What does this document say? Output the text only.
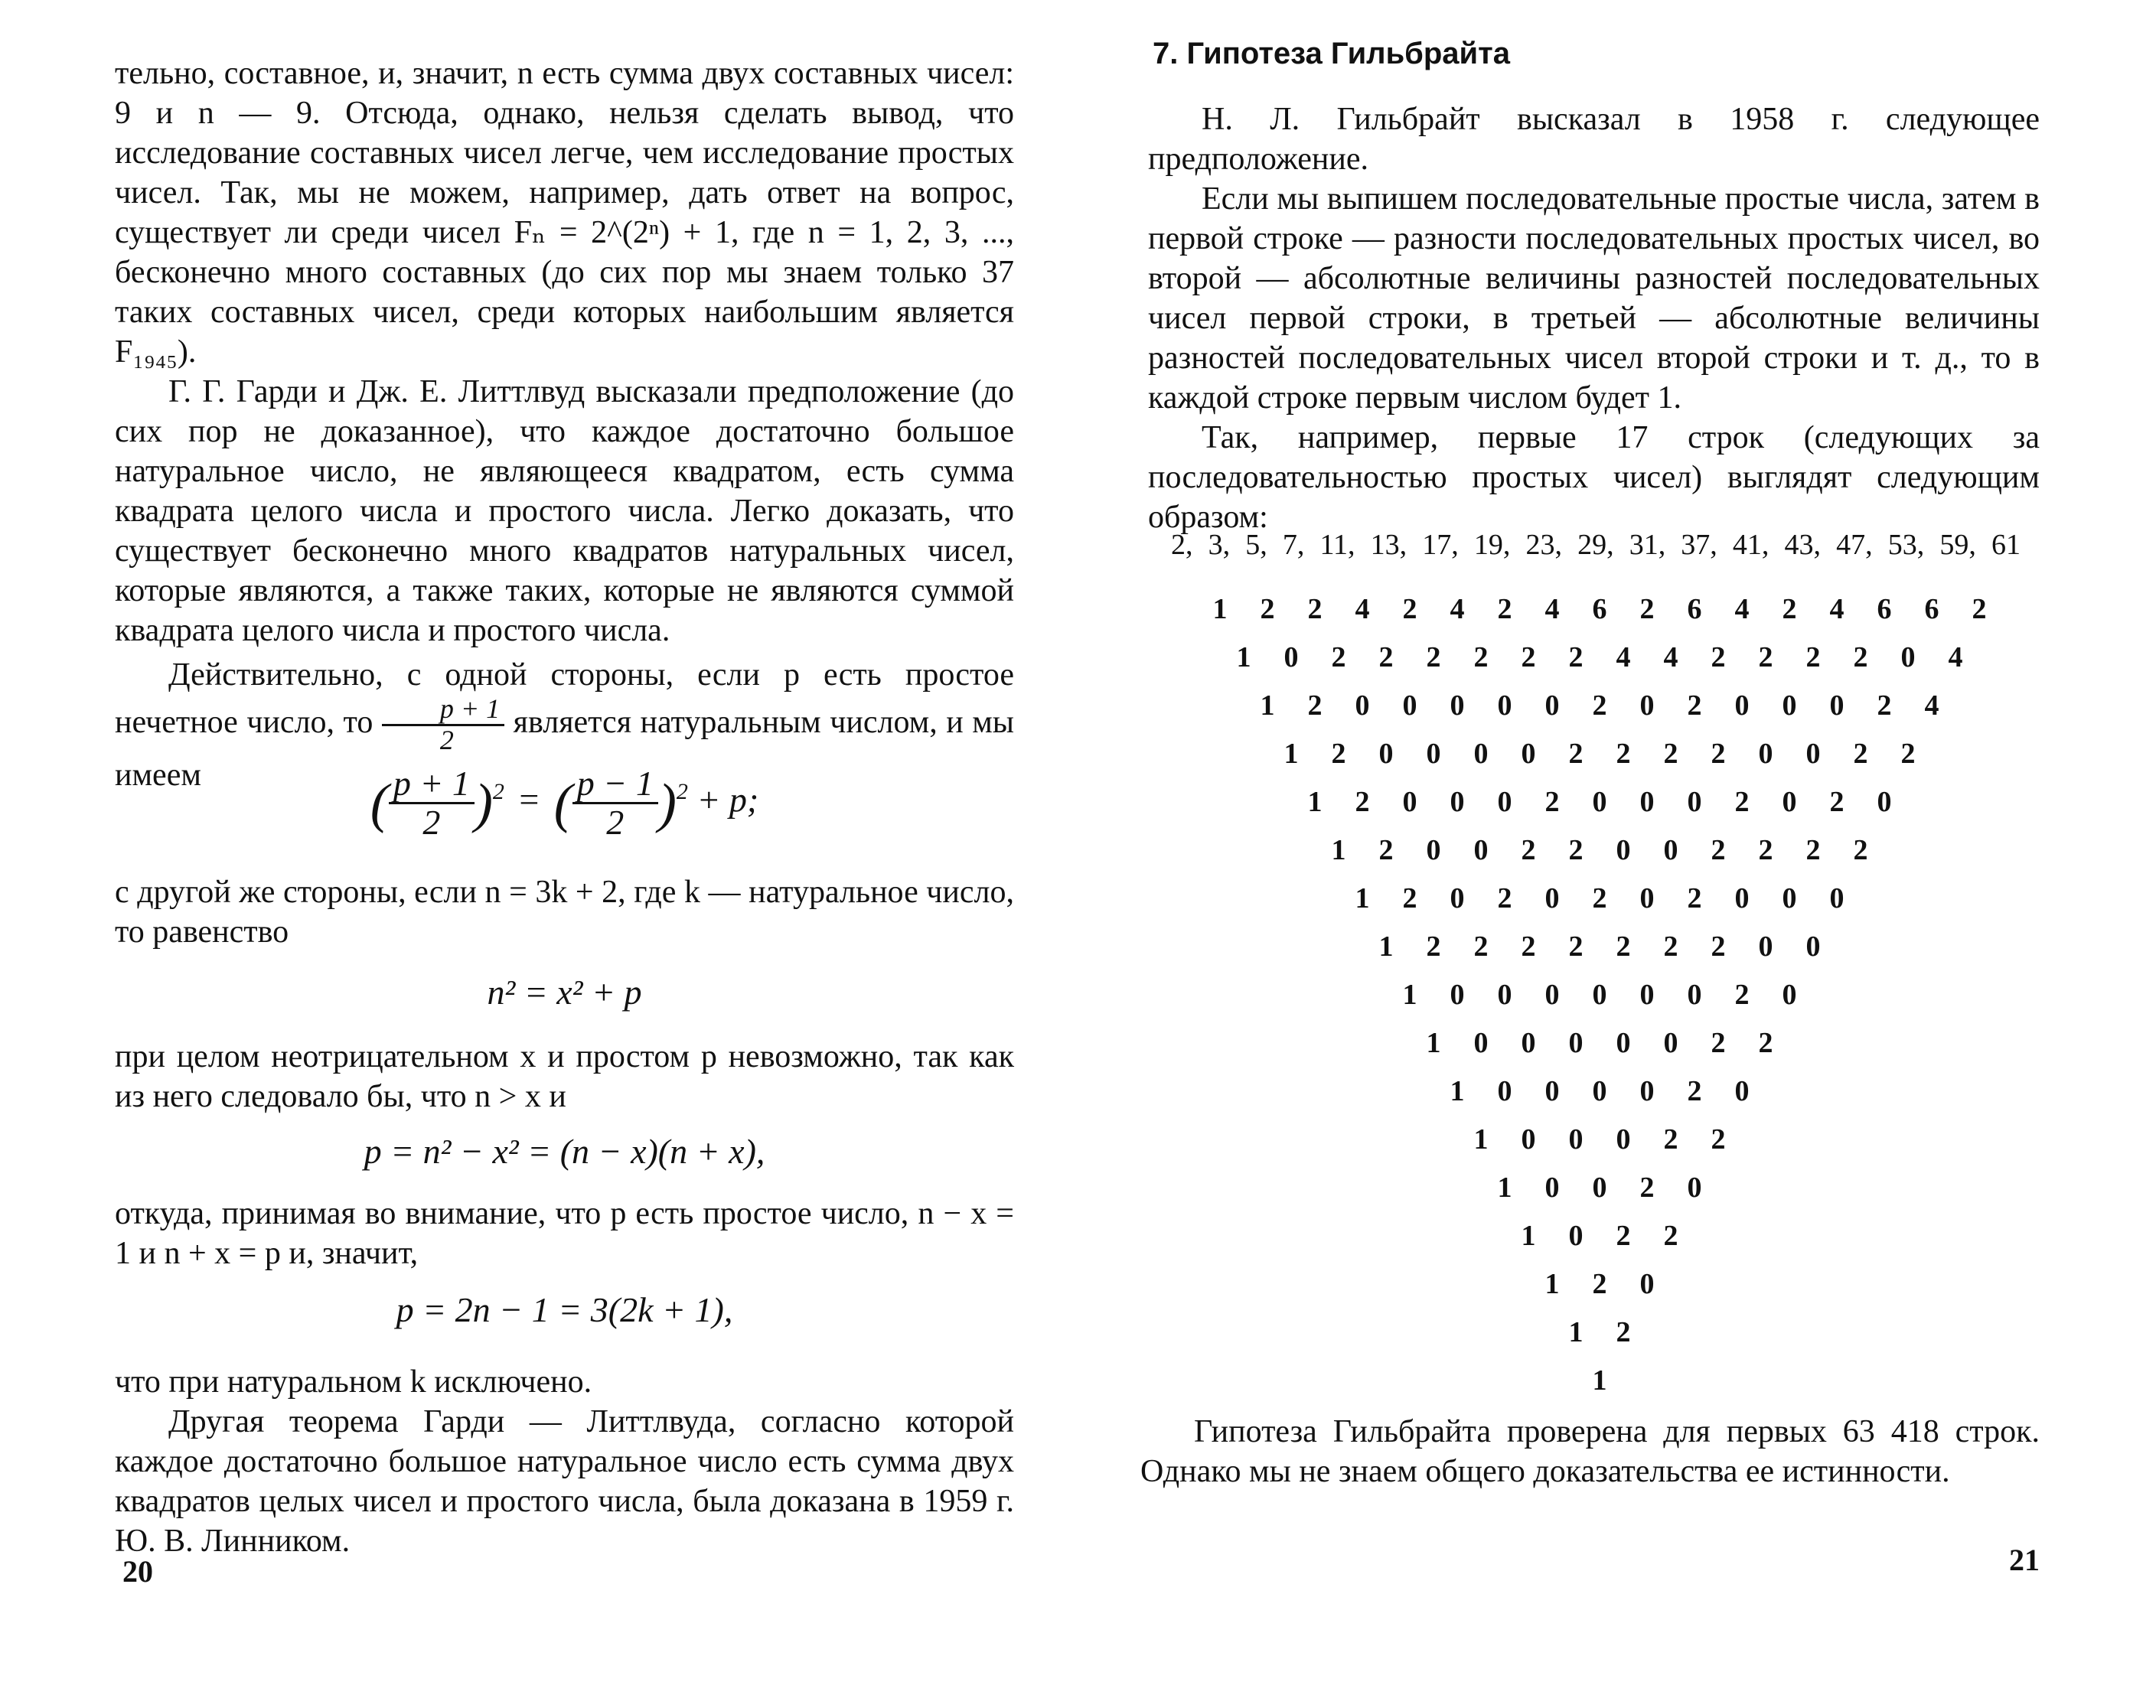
тельно, составное, и, значит, n есть сумма двух составных чисел: 9 и n — 9. Отсюда, однако, нельзя сделать вывод, что исследование составных чисел легче, чем исследование простых чисел. Так, мы не можем, например, дать ответ на вопрос, существует ли среди чисел Fₙ = 2^(2ⁿ) + 1, где n = 1, 2, 3, ..., бесконечно много составных (до сих пор мы знаем только 37 таких составных чисел, среди которых наибольшим является F₁₉₄₅).

Г. Г. Гарди и Дж. Е. Литтлвуд высказали предположение (до сих пор не доказанное), что каждое достаточно большое натуральное число, не являющееся квадратом, есть сумма квадрата целого числа и простого числа. Легко доказать, что существует бесконечно много квадратов натуральных чисел, которые являются, а также таких, которые не являются суммой квадрата целого числа и простого числа.

Действительно, с одной стороны, если p есть простое нечетное число, то $\frac{p + 1}{2}$ является натуральным числом, и мы имеем	( $\frac{p + 1}{2} )^2$ = ( $\frac{p - 1}{2} )^2 + p$;

с другой же стороны, если n = 3k + 2, где k — натуральное число, то равенство

n² = x² + p

при целом неотрицательном x и простом p невозможно, так как из него следовало бы, что n > x и

p = n² − x² = (n − x)(n + x),

откуда, принимая во внимание, что p есть простое число, n − x = 1 и n + x = p и, значит,

p = 2n − 1 = 3(2k + 1),

что при натуральном k исключено.

Другая теорема Гарди — Литтлвуда, согласно которой каждое достаточно большое натуральное число есть сумма двух квадратов целых чисел и простого числа, была доказана в 1959 г. Ю. В. Линником.

20
7. Гипотеза Гильбрайта

Н. Л. Гильбрайт высказал в 1958 г. следующее предположение.

Если мы выпишем последовательные простые числа, затем в первой строке — разности последовательных простых чисел, во второй — абсолютные величины разностей последовательных чисел первой строки, в третьей — абсолютные величины разностей последовательных чисел второй строки и т. д., то в каждой строке первым числом будет 1.

Так, например, первые 17 строк (следующих за последовательностью простых чисел) выглядят следующим образом:

2, 3, 5, 7, 11, 13, 17, 19, 23, 29, 31, 37, 41, 43, 47, 53, 59, 61
1	2	2	4	2	4	2	4	6	2	6	4	2	4	6	6	2
1	0	2	2	2	2	2	2	4	4	2	2	2	2	0	4
1	2	0	0	0	0	0	2	0	2	0	0	0	2	4
1	2	0	0	0	0	2	2	2	2	0	0	2	2
1	2	0	0	0	2	0	0	0	2	0	2	0
1	2	0	0	2	2	0	0	2	2	2	2
1	2	0	2	0	2	0	2	0	0	0
1	2	2	2	2	2	2	2	0	0
1	0	0	0	0	0	0	2	0
1	0	0	0	0	0	2	2
1	0	0	0	0	2	0
1	0	0	0	2	2
1	0	0	2	0
1	0	2	2
1	2	0
1	2
1

Гипотеза Гильбрайта проверена для первых 63 418 строк. Однако мы не знаем общего доказательства ее истинности.

21
